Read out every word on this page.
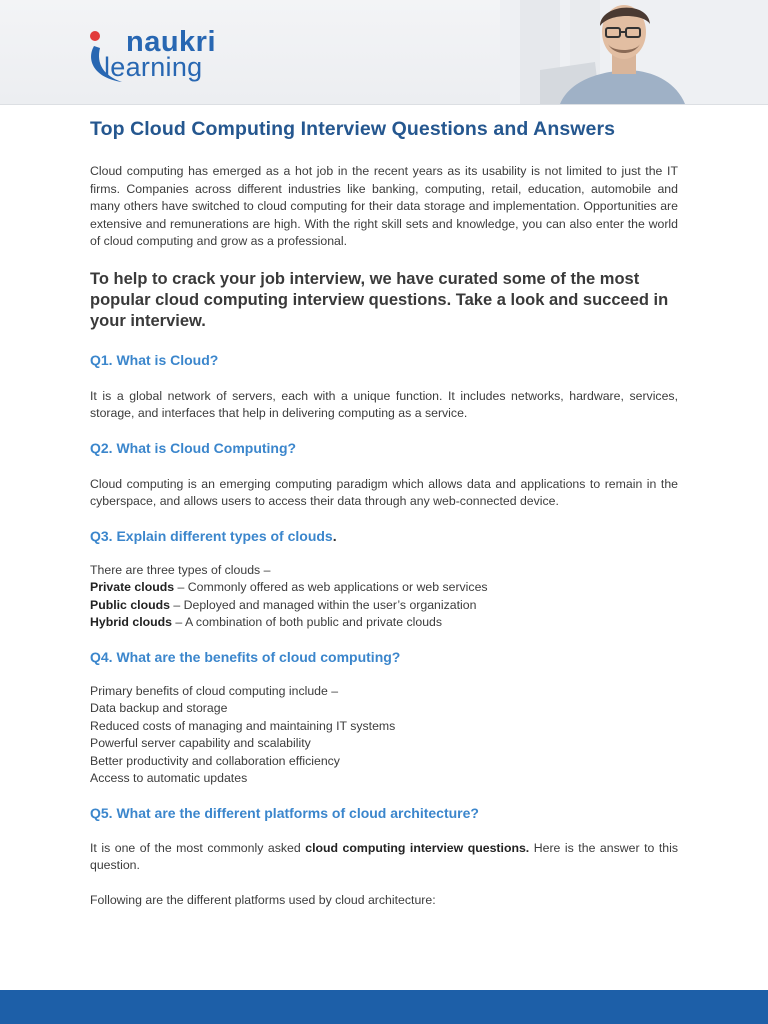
naukri
learning
Top Cloud Computing Interview Questions and Answers

Cloud computing has emerged as a hot job in the recent years as its usability is not limited to just the IT firms. Companies across different industries like banking, computing, retail, education, automobile and many others have switched to cloud computing for their data storage and implementation. Opportunities are extensive and remunerations are high. With the right skill sets and knowledge, you can also enter the world of cloud computing and grow as a professional.

To help to crack your job interview, we have curated some of the most popular cloud computing interview questions. Take a look and succeed in your interview.

Q1. What is Cloud?

It is a global network of servers, each with a unique function. It includes networks, hardware, services, storage, and interfaces that help in delivering computing as a service.

Q2. What is Cloud Computing?

Cloud computing is an emerging computing paradigm which allows data and applications to remain in the cyberspace, and allows users to access their data through any web-connected device.

Q3. Explain different types of clouds.
There are three types of clouds –
Private clouds – Commonly offered as web applications or web services
Public clouds – Deployed and managed within the user’s organization
Hybrid clouds – A combination of both public and private clouds
Q4. What are the benefits of cloud computing?
Primary benefits of cloud computing include –
Data backup and storage
Reduced costs of managing and maintaining IT systems
Powerful server capability and scalability
Better productivity and collaboration efficiency
Access to automatic updates
Q5. What are the different platforms of cloud architecture?

It is one of the most commonly asked cloud computing interview questions. Here is the answer to this question.

Following are the different platforms used by cloud architecture:
